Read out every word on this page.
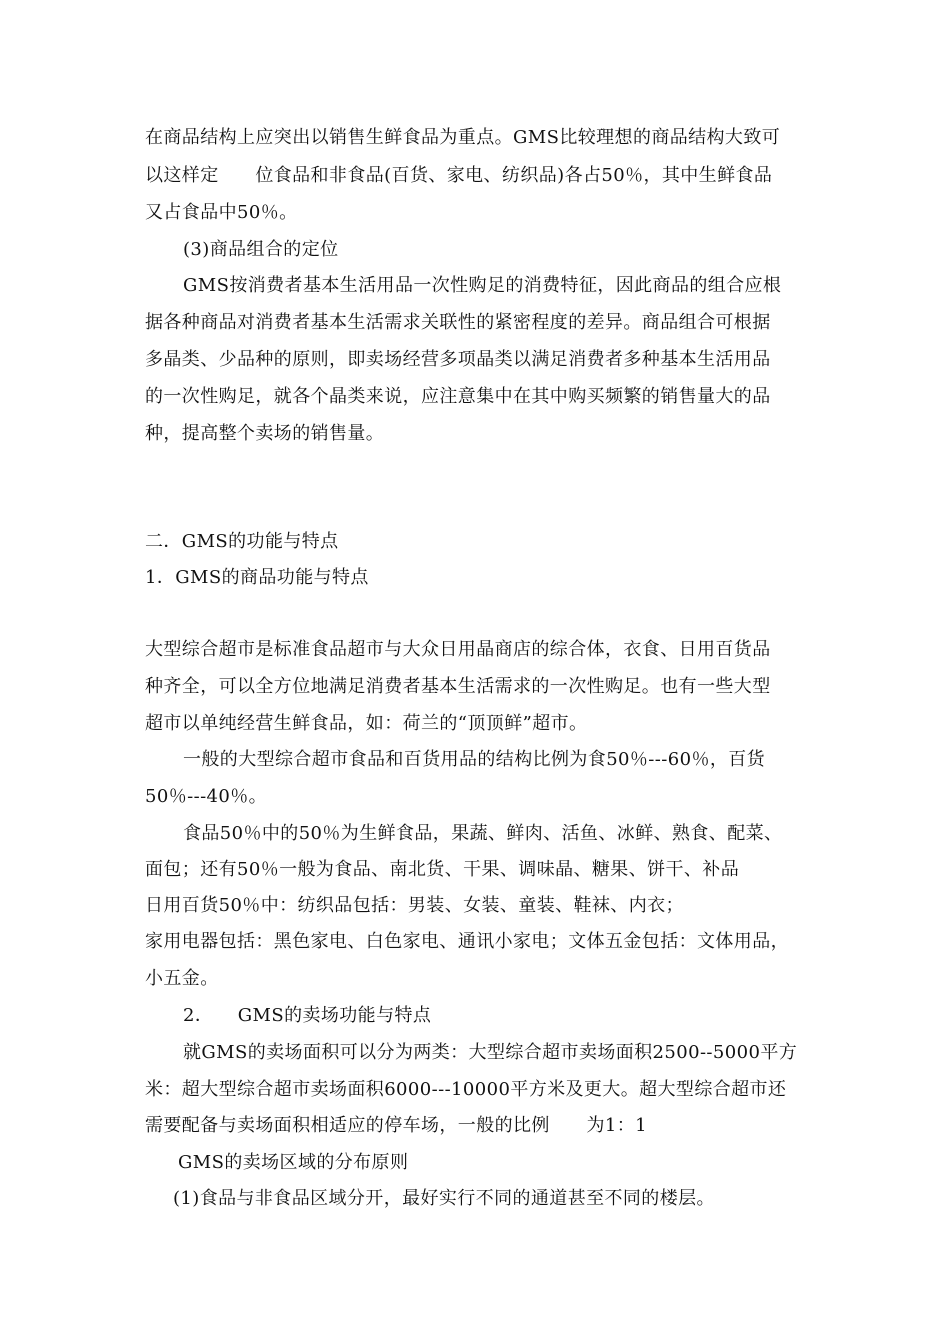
在商品结构上应突出以销售生鲜食品为重点。GMS比较理想的商品结构大致可
以这样定      位食品和非食品(百货、家电、纺织品)各占50％，其中生鲜食品
又占食品中50％。
(3)商品组合的定位
GMS按消费者基本生活用品一次性购足的消费特征，因此商品的组合应根
据各种商品对消费者基本生活需求关联性的紧密程度的差异。商品组合可根据
多晶类、少品种的原则，即卖场经营多项晶类以满足消费者多种基本生活用品
的一次性购足，就各个晶类来说，应注意集中在其中购买频繁的销售量大的品
种，提高整个卖场的销售量。
二．GMS的功能与特点
1．GMS的商品功能与特点
大型综合超市是标准食品超市与大众日用晶商店的综合体，衣食、日用百货品
种齐全，可以全方位地满足消费者基本生活需求的一次性购足。也有一些大型
超市以单纯经营生鲜食品，如：荷兰的“顶顶鲜”超市。
一般的大型综合超市食品和百货用品的结构比例为食50％---60％，百货
50％---40％。
食品50％中的50％为生鲜食品，果蔬、鲜肉、活鱼、冰鲜、熟食、配菜、
面包；还有50％一般为食品、南北货、干果、调味晶、糖果、饼干、补品
日用百货50％中：纺织品包括：男装、女装、童装、鞋袜、内衣；
家用电器包括：黑色家电、白色家电、通讯小家电；文体五金包括：文体用品，
小五金。
2．    GMS的卖场功能与特点
就GMS的卖场面积可以分为两类：大型综合超市卖场面积2500--5000平方
米：超大型综合超市卖场面积6000---10000平方米及更大。超大型综合超市还
需要配备与卖场面积相适应的停车场，一般的比例      为1：1
GMS的卖场区域的分布原则
(1)食品与非食品区域分开，最好实行不同的通道甚至不同的楼层。
